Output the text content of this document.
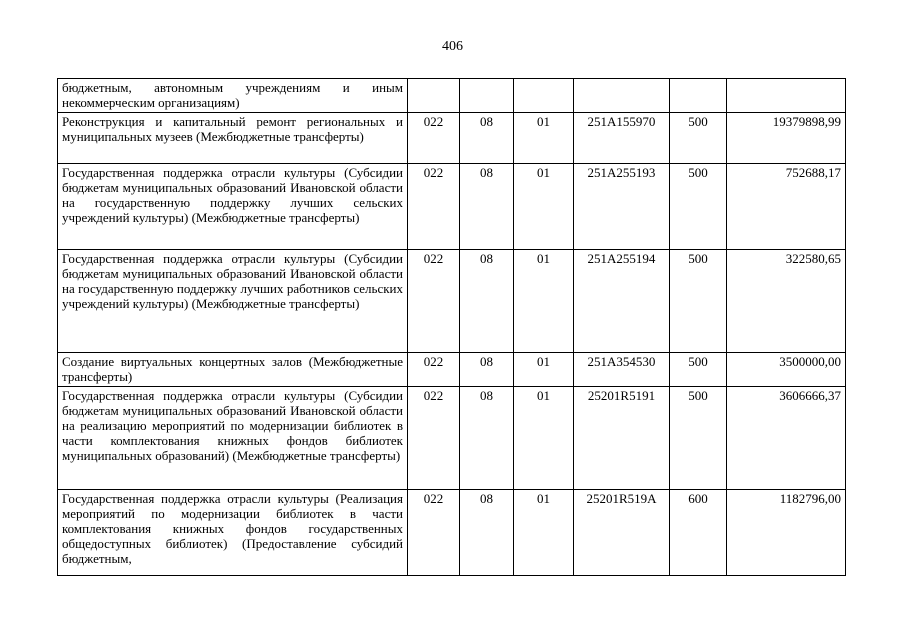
406
бюджетным, автономным учреждениям и иным некоммерческим организациям)						
Реконструкция и капитальный ремонт региональных и муниципальных музеев (Межбюджетные трансферты)	022	08	01	251A155970	500	19379898,99
Государственная поддержка отрасли культуры (Субсидии бюджетам муниципальных образований Ивановской области на государственную поддержку лучших сельских учреждений культуры) (Межбюджетные трансферты)	022	08	01	251A255193	500	752688,17
Государственная поддержка отрасли культуры (Субсидии бюджетам муниципальных образований Ивановской области на государственную поддержку лучших работников сельских учреждений культуры) (Межбюджетные трансферты)	022	08	01	251A255194	500	322580,65
Создание виртуальных концертных залов (Межбюджетные трансферты)	022	08	01	251A354530	500	3500000,00
Государственная поддержка отрасли культуры (Субсидии бюджетам муниципальных образований Ивановской области на реализацию мероприятий по модернизации библиотек в части комплектования книжных фондов библиотек муниципальных образований) (Межбюджетные трансферты)	022	08	01	25201R5191	500	3606666,37
Государственная поддержка отрасли культуры (Реализация мероприятий по модернизации библиотек в части комплектования книжных фондов государственных общедоступных библиотек) (Предоставление субсидий бюджетным,	022	08	01	25201R519A	600	1182796,00
